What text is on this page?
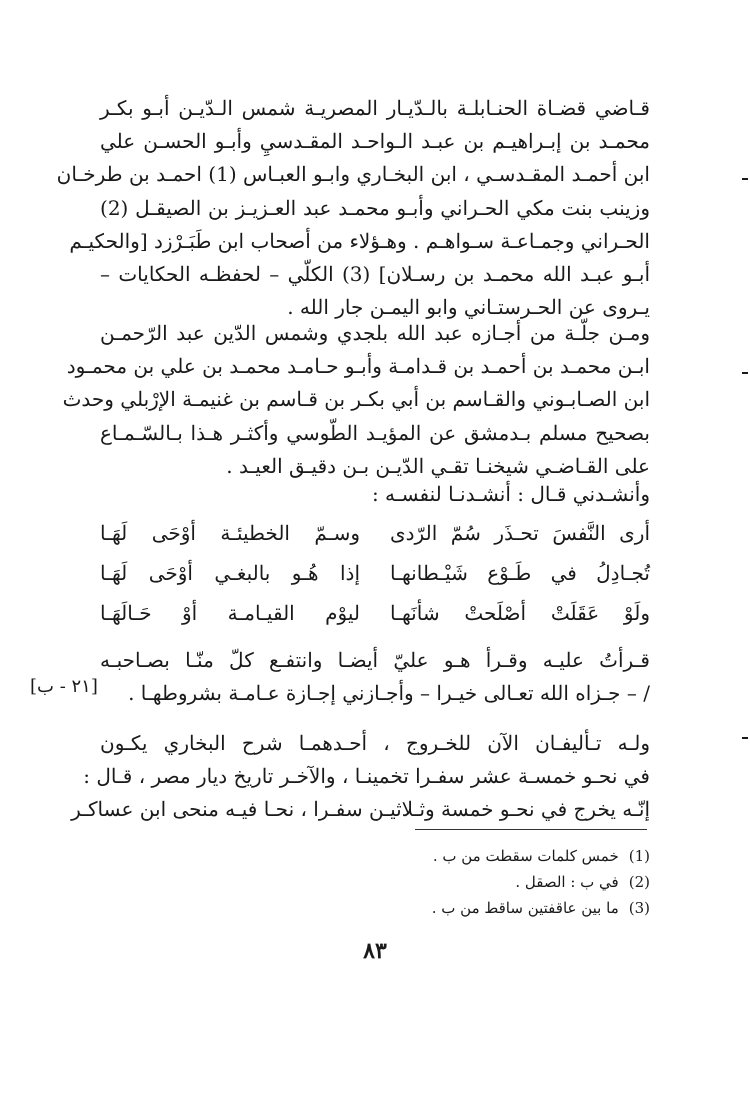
قـاضي قضـاة الحنـابلـة بالـدّيـار المصريـة شمس الـدّيـن أبـو بكـر
محمـد بن إبـراهيـم بن عبـد الـواحـد المقـدسيِ وأبـو الحسـن علي
ابن أحمـد المقـدسـي ، ابن البخـاري وابـو العبـاس (1) احمـد بن طرخـان
وزينب بنت مكي الحـراني وأبـو محمـد عبد العـزيـز بن الصيقـل (2)
الحـراني وجمـاعـة سـواهـم . وهـؤلاء من أصحاب ابن طَبَـرْزد [والحكيـم
أبـو عبـد الله محمـد بن رسـلان] (3) الكلّي – لحفظـه الحكايات –
يـروى عن الحـرستـاني وابو اليمـن جار الله .
ومـن جلّـة من أجـازه عبد الله بلجدي وشمس الدّين عبد الرّحمـن
ابـن محمـد بن أحمـد بن قـدامـة وأبـو حـامـد محمـد بن علي بن محمـود
ابن الصـابـوني والقـاسم بن أبي بكـر بن قـاسم بن غنيمـة الإرْبلي وحدث
بصحيح مسلم بـدمشق عن المؤيـد الطّوسي وأكثـر هـذا بـالسّـمـاع
على القـاضـي شيخنـا تقـي الدّيـن بـن دقيـق العيـد .
وأنشـدني قـال : أنشـدنـا لنفسـه :
أرى النَّفسَ تحـذَر سُمّ الرّدى
وسـمّ الخطيئـة أوْحَى لَهَـا
تُجـادِلُ في طَـوْع شَيْـطانهـا
إذا هُـو بالبغـي أوْحَى لَهَـا
ولَوْ عَقَلَتْ أصْلَحتْ شأنَهـا
ليوْم القيـامـة أوْ حَـالَهَـا
قـرأتُ عليـه وقـرأ هـو عليّ أيضـا وانتفـع كلّ منّـا بصـاحبـه
/ – جـزاه الله تعـالى خيـرا – وأجـازني إجـازة عـامـة بشروطهـا .
[٢١ - ب]
ولـه تـأليفـان الآن للخـروج ، أحـدهمـا شرح البخاري يكـون
في نحـو خمسـة عشر سفـرا تخمينـا ، والآخـر تاريخ ديار مصر ، قـال :
إنّـه يخرج في نحـو خمسة وثـلاثيـن سفـرا ، نحـا فيـه منحى ابن عساكـر
(1)خمس كلمات سقطت من ب .
(2)في ب : الصقل .
(3)ما بين عاقفتين ساقط من ب .
٨٣
